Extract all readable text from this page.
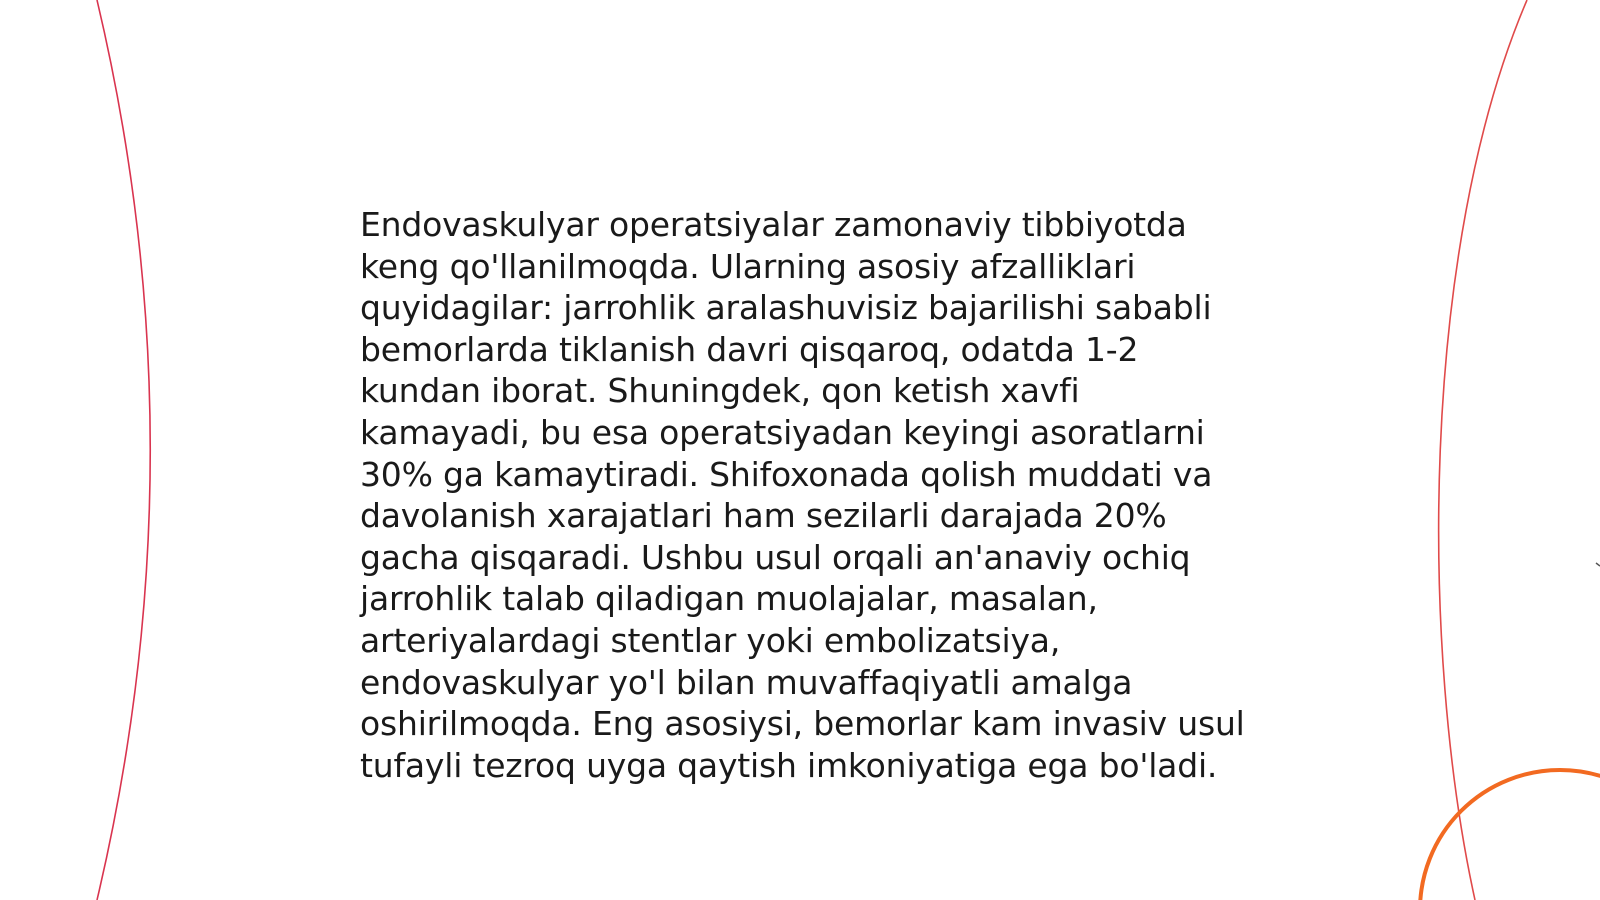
Endovaskulyar operatsiyalar zamonaviy tibbiyotda keng qo'llanilmoqda. Ularning asosiy afzalliklari quyidagilar: jarrohlik aralashuvisiz bajarilishi sababli bemorlarda tiklanish davri qisqaroq, odatda 1-2 kundan iborat. Shuningdek, qon ketish xavfi kamayadi, bu esa operatsiyadan keyingi asoratlarni 30% ga kamaytiradi. Shifoxonada qolish muddati va davolanish xarajatlari ham sezilarli darajada 20% gacha qisqaradi. Ushbu usul orqali an'anaviy ochiq jarrohlik talab qiladigan muolajalar, masalan, arteriyalardagi stentlar yoki embolizatsiya, endovaskulyar yo'l bilan muvaffaqiyatli amalga oshirilmoqda. Eng asosiysi, bemorlar kam invasiv usul tufayli tezroq uyga qaytish imkoniyatiga ega bo'ladi.
